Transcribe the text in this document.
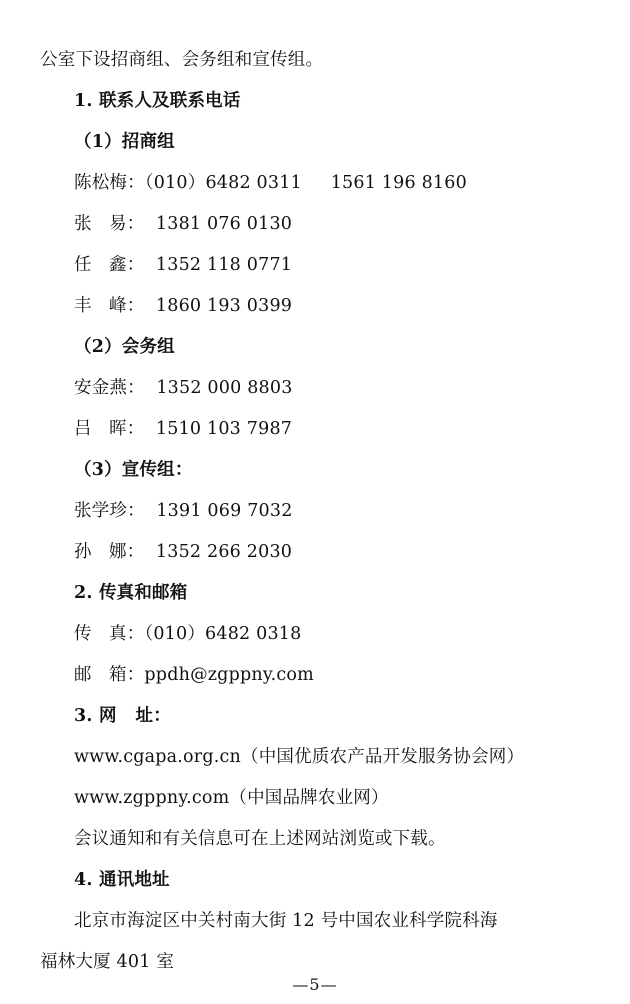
公室下设招商组、会务组和宣传组。
1. 联系人及联系电话
（1）招商组
陈松梅：（010）6482 0311     1561 196 8160
张   易：  1381 076 0130
任   鑫：  1352 118 0771
丰   峰：  1860 193 0399
（2）会务组
安金燕：  1352 000 8803
吕   晖：  1510 103 7987
（3）宣传组：
张学珍：  1391 069 7032
孙   娜：  1352 266 2030
2. 传真和邮箱
传   真：（010）6482 0318
邮   箱：ppdh@zgppny.com
3. 网   址：
www.cgapa.org.cn（中国优质农产品开发服务协会网）
www.zgppny.com（中国品牌农业网）
会议通知和有关信息可在上述网站浏览或下载。
4. 通讯地址
北京市海淀区中关村南大街 12 号中国农业科学院科海
福林大厦 401 室
—5—
